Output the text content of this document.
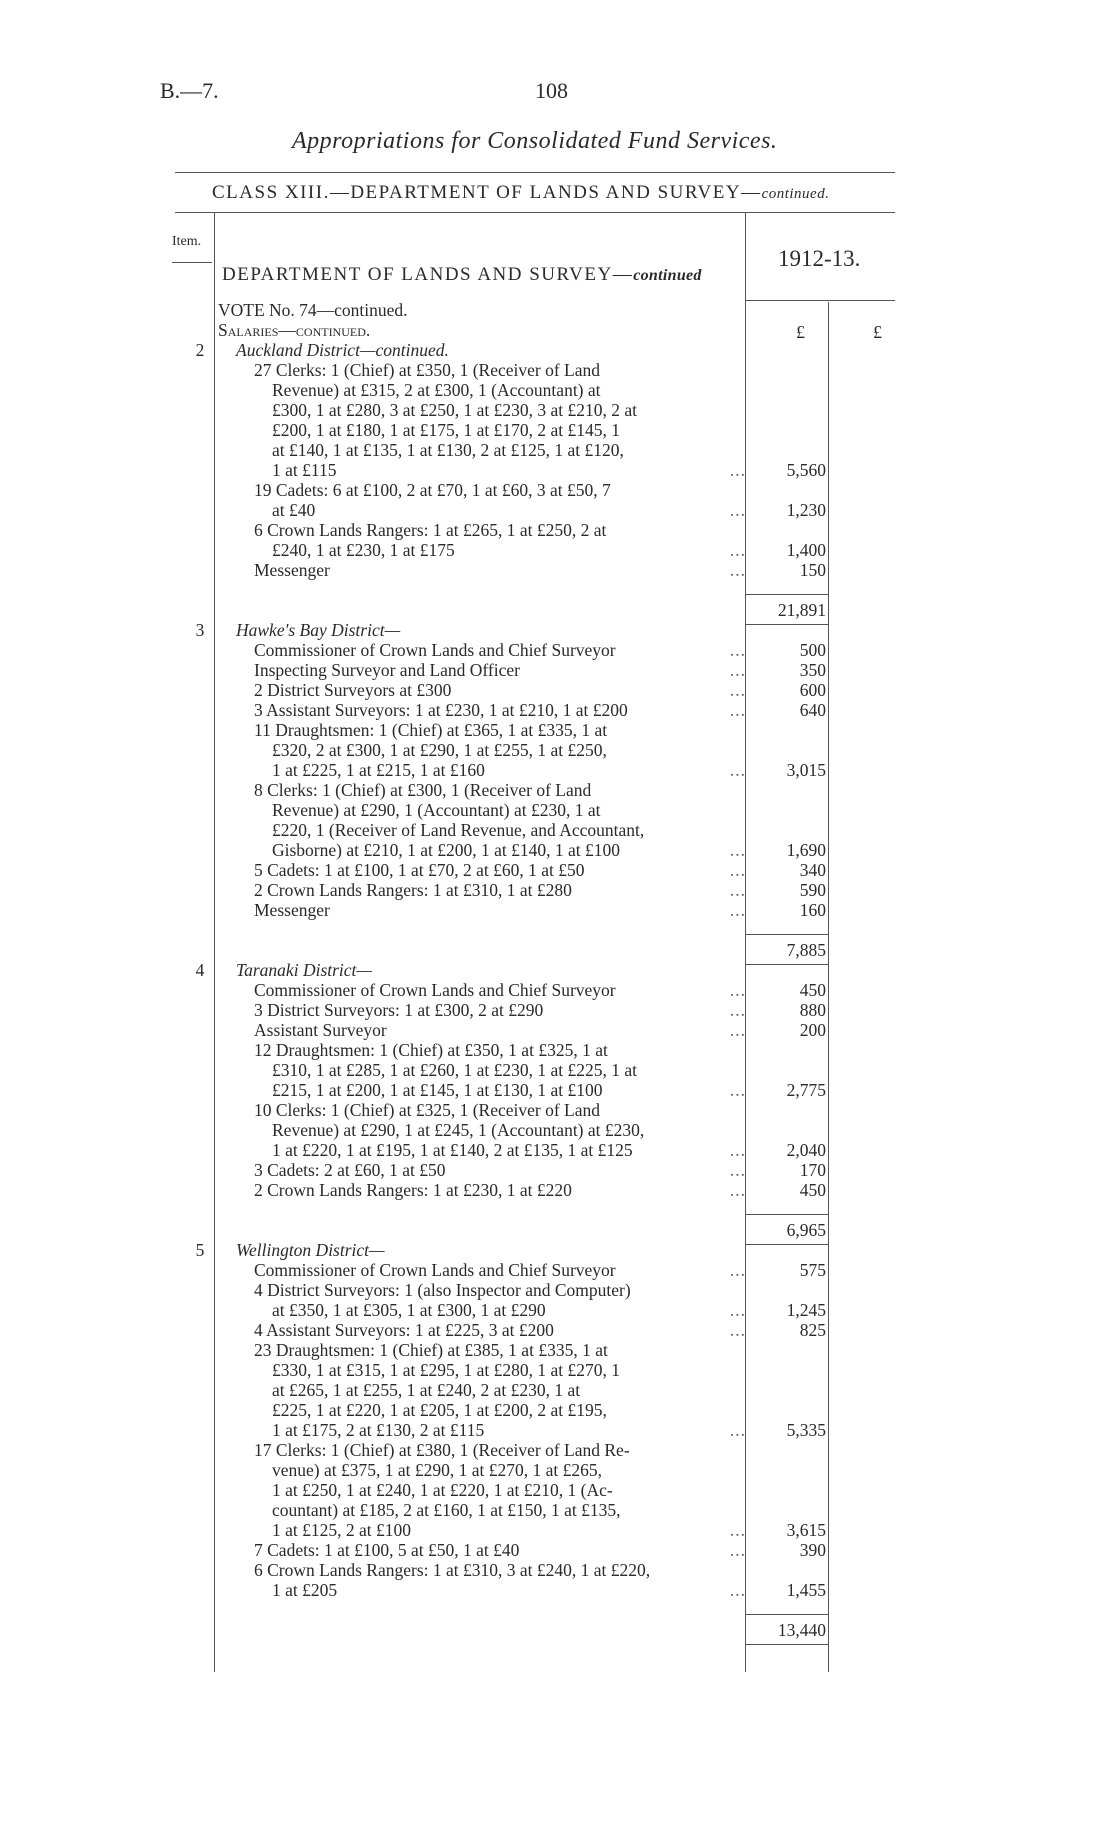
B.—7.	108
Appropriations for Consolidated Fund Services.
CLASS XIII.—DEPARTMENT OF LANDS AND SURVEY—continued.
Item.
DEPARTMENT OF LANDS AND SURVEY—continued
1912-13.
£	£
VOTE No. 74—continued.
Salaries—continued.
2	Auckland District—continued.
27 Clerks: 1 (Chief) at £350, 1 (Receiver of Land
Revenue) at £315, 2 at £300, 1 (Accountant) at
£300, 1 at £280, 3 at £250, 1 at £230, 3 at £210, 2 at
£200, 1 at £180, 1 at £175, 1 at £170, 2 at £145, 1
at £140, 1 at £135, 1 at £130, 2 at £125, 1 at £120,
1 at £115	5,560
...
19 Cadets: 6 at £100, 2 at £70, 1 at £60, 3 at £50, 7
at £40	1,230
...
6 Crown Lands Rangers: 1 at £265, 1 at £250, 2 at
£240, 1 at £230, 1 at £175	1,400
...
Messenger	150
...
21,891
3	Hawke's Bay District—
Commissioner of Crown Lands and Chief Surveyor	500
...
Inspecting Surveyor and Land Officer	350
...
2 District Surveyors at £300	600
...
3 Assistant Surveyors: 1 at £230, 1 at £210, 1 at £200	640
...
11 Draughtsmen: 1 (Chief) at £365, 1 at £335, 1 at
£320, 2 at £300, 1 at £290, 1 at £255, 1 at £250,
1 at £225, 1 at £215, 1 at £160	3,015
...
8 Clerks: 1 (Chief) at £300, 1 (Receiver of Land
Revenue) at £290, 1 (Accountant) at £230, 1 at
£220, 1 (Receiver of Land Revenue, and Accountant,
Gisborne) at £210, 1 at £200, 1 at £140, 1 at £100	1,690
...
5 Cadets: 1 at £100, 1 at £70, 2 at £60, 1 at £50	340
...
2 Crown Lands Rangers: 1 at £310, 1 at £280	590
...
Messenger	160
...
7,885
4	Taranaki District—
Commissioner of Crown Lands and Chief Surveyor	450
...
3 District Surveyors: 1 at £300, 2 at £290	880
...
Assistant Surveyor	200
...
12 Draughtsmen: 1 (Chief) at £350, 1 at £325, 1 at
£310, 1 at £285, 1 at £260, 1 at £230, 1 at £225, 1 at
£215, 1 at £200, 1 at £145, 1 at £130, 1 at £100	2,775
...
10 Clerks: 1 (Chief) at £325, 1 (Receiver of Land
Revenue) at £290, 1 at £245, 1 (Accountant) at £230,
1 at £220, 1 at £195, 1 at £140, 2 at £135, 1 at £125	2,040
...
3 Cadets: 2 at £60, 1 at £50	170
...
2 Crown Lands Rangers: 1 at £230, 1 at £220	450
...
6,965
5	Wellington District—
Commissioner of Crown Lands and Chief Surveyor	575
...
4 District Surveyors: 1 (also Inspector and Computer)
at £350, 1 at £305, 1 at £300, 1 at £290	1,245
...
4 Assistant Surveyors: 1 at £225, 3 at £200	825
...
23 Draughtsmen: 1 (Chief) at £385, 1 at £335, 1 at
£330, 1 at £315, 1 at £295, 1 at £280, 1 at £270, 1
at £265, 1 at £255, 1 at £240, 2 at £230, 1 at
£225, 1 at £220, 1 at £205, 1 at £200, 2 at £195,
1 at £175, 2 at £130, 2 at £115	5,335
...
17 Clerks: 1 (Chief) at £380, 1 (Receiver of Land Re-
venue) at £375, 1 at £290, 1 at £270, 1 at £265,
1 at £250, 1 at £240, 1 at £220, 1 at £210, 1 (Ac-
countant) at £185, 2 at £160, 1 at £150, 1 at £135,
1 at £125, 2 at £100	3,615
...
7 Cadets: 1 at £100, 5 at £50, 1 at £40	390
...
6 Crown Lands Rangers: 1 at £310, 3 at £240, 1 at £220,
1 at £205	1,455
...
13,440
